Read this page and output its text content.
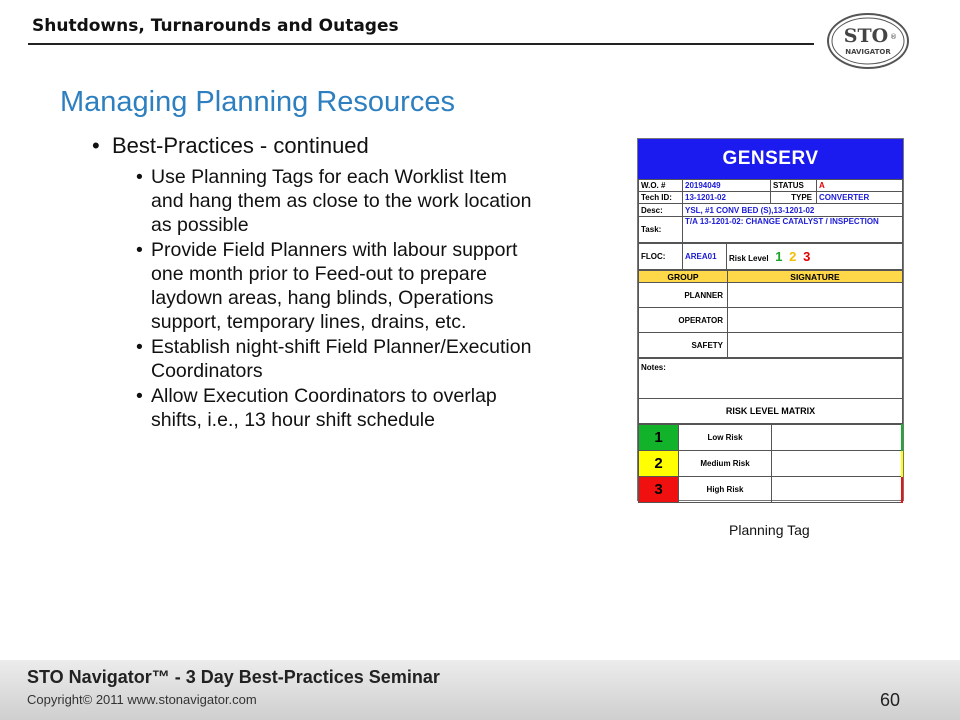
Shutdowns, Turnarounds and Outages	STO ®
NAVIGATOR
Managing Planning Resources
• Best-Practices - continued
• Use Planning Tags for each Worklist Item
and hang them as close to the work location
as possible
• Provide Field Planners with labour support
one month prior to Feed-out to prepare
laydown areas, hang blinds, Operations
support, temporary lines, drains, etc.
• Establish night-shift Field Planner/Execution
Coordinators
• Allow Execution Coordinators to overlap
shifts, i.e., 13 hour shift schedule
GENSERV
W.O. #	20194049	STATUS	A
Tech ID:	13-1201-02	TYPE	CONVERTER
Desc:	YSL, #1 CONV BED (S),13-1201-02		
Task:	T/A 13-1201-02: CHANGE CATALYST / INSPECTION		
FLOC:	AREA01	Risk Level 1 2 3
GROUP	SIGNATURE
PLANNER	
OPERATOR	
SAFETY	
Notes:
RISK LEVEL MATRIX
1	Low Risk	
2	Medium Risk	
3	High Risk	
Planning Tag
STO Navigator™ - 3 Day Best-Practices Seminar
Copyright© 2011 www.stonavigator.com	60
